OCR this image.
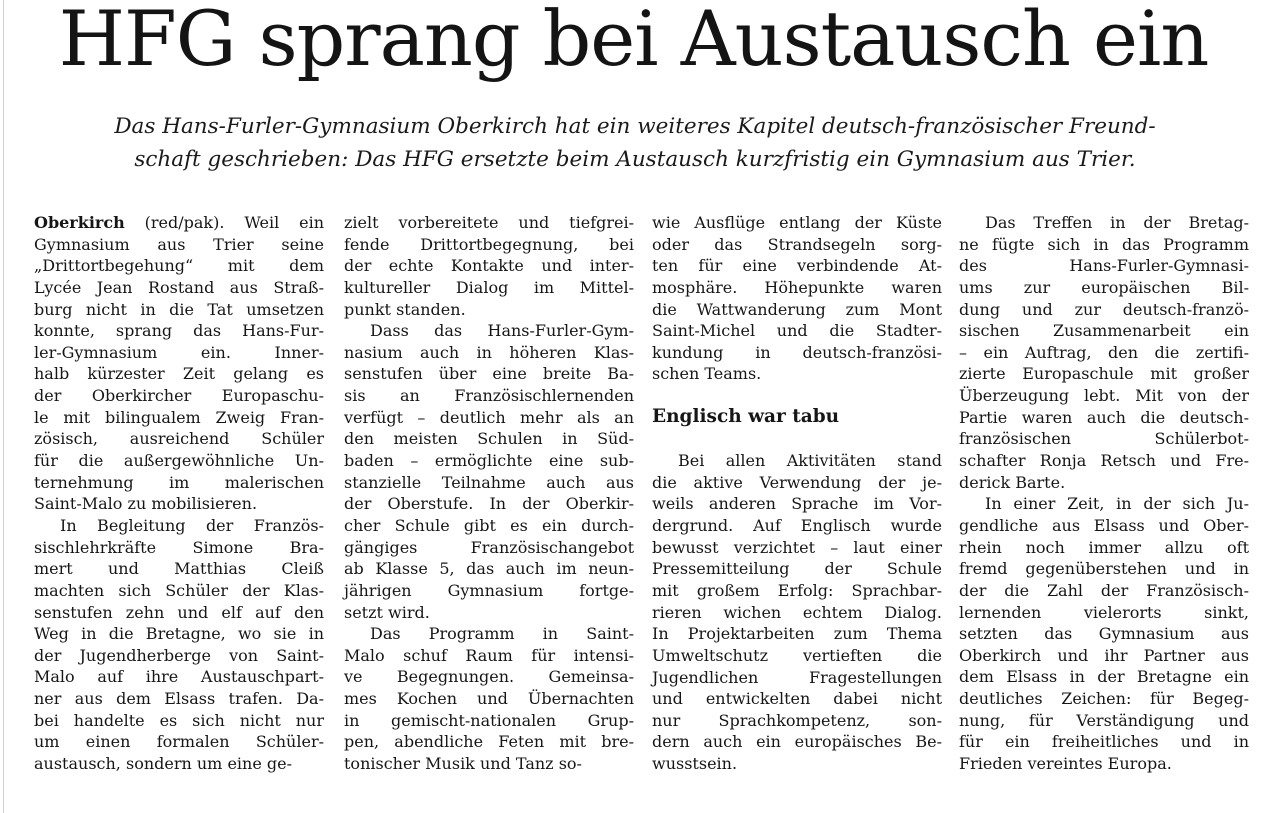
HFG sprang bei Austausch ein

Das Hans-Furler-Gymnasium Oberkirch hat ein weiteres Kapitel deutsch-französischer Freund-
schaft geschrieben: Das HFG ersetzte beim Austausch kurzfristig ein Gymnasium aus Trier.

Oberkirch (red/pak). Weil ein
Gymnasium aus Trier seine
„Drittortbegehung“ mit dem
Lycée Jean Rostand aus Straß-
burg nicht in die Tat umsetzen
konnte, sprang das Hans-Fur-
ler-Gymnasium ein. Inner-
halb kürzester Zeit gelang es
der Oberkircher Europaschu-
le mit bilingualem Zweig Fran-
zösisch, ausreichend Schüler
für die außergewöhnliche Un-
ternehmung im malerischen
Saint-Malo zu mobilisieren.
In Begleitung der Französ-
sischlehrkräfte Simone Bra-
mert und Matthias Cleiß
machten sich Schüler der Klas-
senstufen zehn und elf auf den
Weg in die Bretagne, wo sie in
der Jugendherberge von Saint-
Malo auf ihre Austauschpart-
ner aus dem Elsass trafen. Da-
bei handelte es sich nicht nur
um einen formalen Schüler-
austausch, sondern um eine ge-
zielt vorbereitete und tiefgrei-
fende Drittortbegegnung, bei
der echte Kontakte und inter-
kultureller Dialog im Mittel-
punkt standen.
Dass das Hans-Furler-Gym-
nasium auch in höheren Klas-
senstufen über eine breite Ba-
sis an Französischlernenden
verfügt – deutlich mehr als an
den meisten Schulen in Süd-
baden – ermöglichte eine sub-
stanzielle Teilnahme auch aus
der Oberstufe. In der Oberkir-
cher Schule gibt es ein durch-
gängiges Französischangebot
ab Klasse 5, das auch im neun-
jährigen Gymnasium fortge-
setzt wird.
Das Programm in Saint-
Malo schuf Raum für intensi-
ve Begegnungen. Gemeinsa-
mes Kochen und Übernachten
in gemischt-nationalen Grup-
pen, abendliche Feten mit bre-
tonischer Musik und Tanz so-
wie Ausflüge entlang der Küste
oder das Strandsegeln sorg-
ten für eine verbindende At-
mosphäre. Höhepunkte waren
die Wattwanderung zum Mont
Saint-Michel und die Stadter-
kundung in deutsch-französi-
schen Teams.
Englisch war tabu
Bei allen Aktivitäten stand
die aktive Verwendung der je-
weils anderen Sprache im Vor-
dergrund. Auf Englisch wurde
bewusst verzichtet – laut einer
Pressemitteilung der Schule
mit großem Erfolg: Sprachbar-
rieren wichen echtem Dialog.
In Projektarbeiten zum Thema
Umweltschutz vertieften die
Jugendlichen Fragestellungen
und entwickelten dabei nicht
nur Sprachkompetenz, son-
dern auch ein europäisches Be-
wusstsein.
Das Treffen in der Bretag-
ne fügte sich in das Programm
des Hans-Furler-Gymnasi-
ums zur europäischen Bil-
dung und zur deutsch-franzö-
sischen Zusammenarbeit ein
– ein Auftrag, den die zertifi-
zierte Europaschule mit großer
Überzeugung lebt. Mit von der
Partie waren auch die deutsch-
französischen Schülerbot-
schafter Ronja Retsch und Fre-
derick Barte.
In einer Zeit, in der sich Ju-
gendliche aus Elsass und Ober-
rhein noch immer allzu oft
fremd gegenüberstehen und in
der die Zahl der Französisch-
lernenden vielerorts sinkt,
setzten das Gymnasium aus
Oberkirch und ihr Partner aus
dem Elsass in der Bretagne ein
deutliches Zeichen: für Begeg-
nung, für Verständigung und
für ein freiheitliches und in
Frieden vereintes Europa.
